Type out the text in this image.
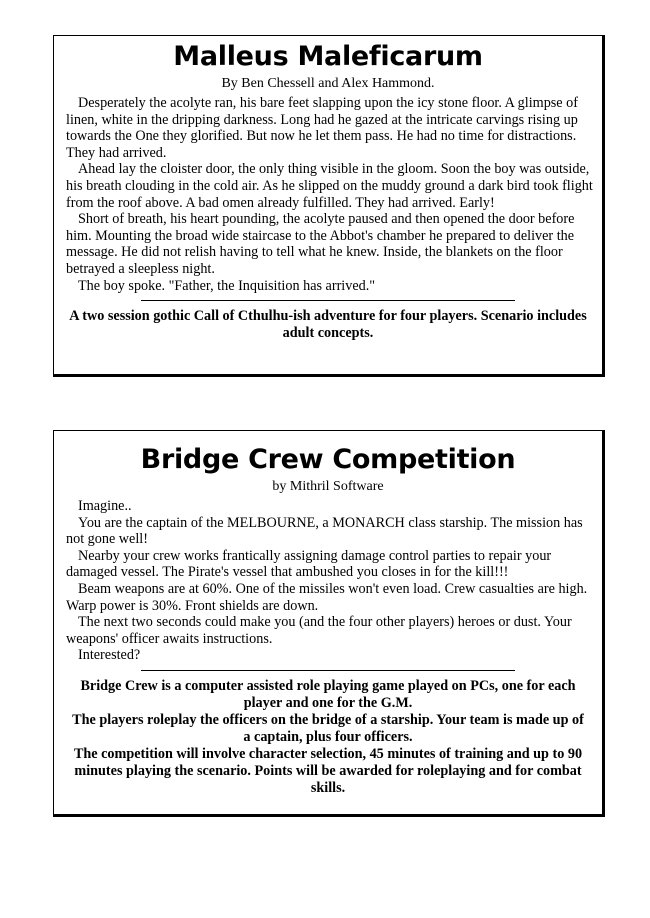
Malleus Maleficarum
By Ben Chessell and Alex Hammond.

Desperately the acolyte ran, his bare feet slapping upon the icy stone floor. A glimpse of linen, white in the dripping darkness. Long had he gazed at the intricate carvings rising up towards the One they glorified. But now he let them pass. He had no time for distractions. They had arrived.

Ahead lay the cloister door, the only thing visible in the gloom. Soon the boy was outside, his breath clouding in the cold air. As he slipped on the muddy ground a dark bird took flight from the roof above. A bad omen already fulfilled. They had arrived. Early!

Short of breath, his heart pounding, the acolyte paused and then opened the door before him. Mounting the broad wide staircase to the Abbot's chamber he prepared to deliver the message. He did not relish having to tell what he knew. Inside, the blankets on the floor betrayed a sleepless night.

The boy spoke. "Father, the Inquisition has arrived."

A two session gothic Call of Cthulhu-ish adventure for four players. Scenario includes adult concepts.

Bridge Crew Competition
by Mithril Software

Imagine..

You are the captain of the MELBOURNE, a MONARCH class starship. The mission has not gone well!

Nearby your crew works frantically assigning damage control parties to repair your damaged vessel. The Pirate's vessel that ambushed you closes in for the kill!!!

Beam weapons are at 60%. One of the missiles won't even load. Crew casualties are high. Warp power is 30%. Front shields are down.

The next two seconds could make you (and the four other players) heroes or dust. Your weapons' officer awaits instructions.

Interested?

Bridge Crew is a computer assisted role playing game played on PCs, one for each player and one for the G.M.

The players roleplay the officers on the bridge of a starship. Your team is made up of a captain, plus four officers.

The competition will involve character selection, 45 minutes of training and up to 90 minutes playing the scenario. Points will be awarded for roleplaying and for combat skills.
